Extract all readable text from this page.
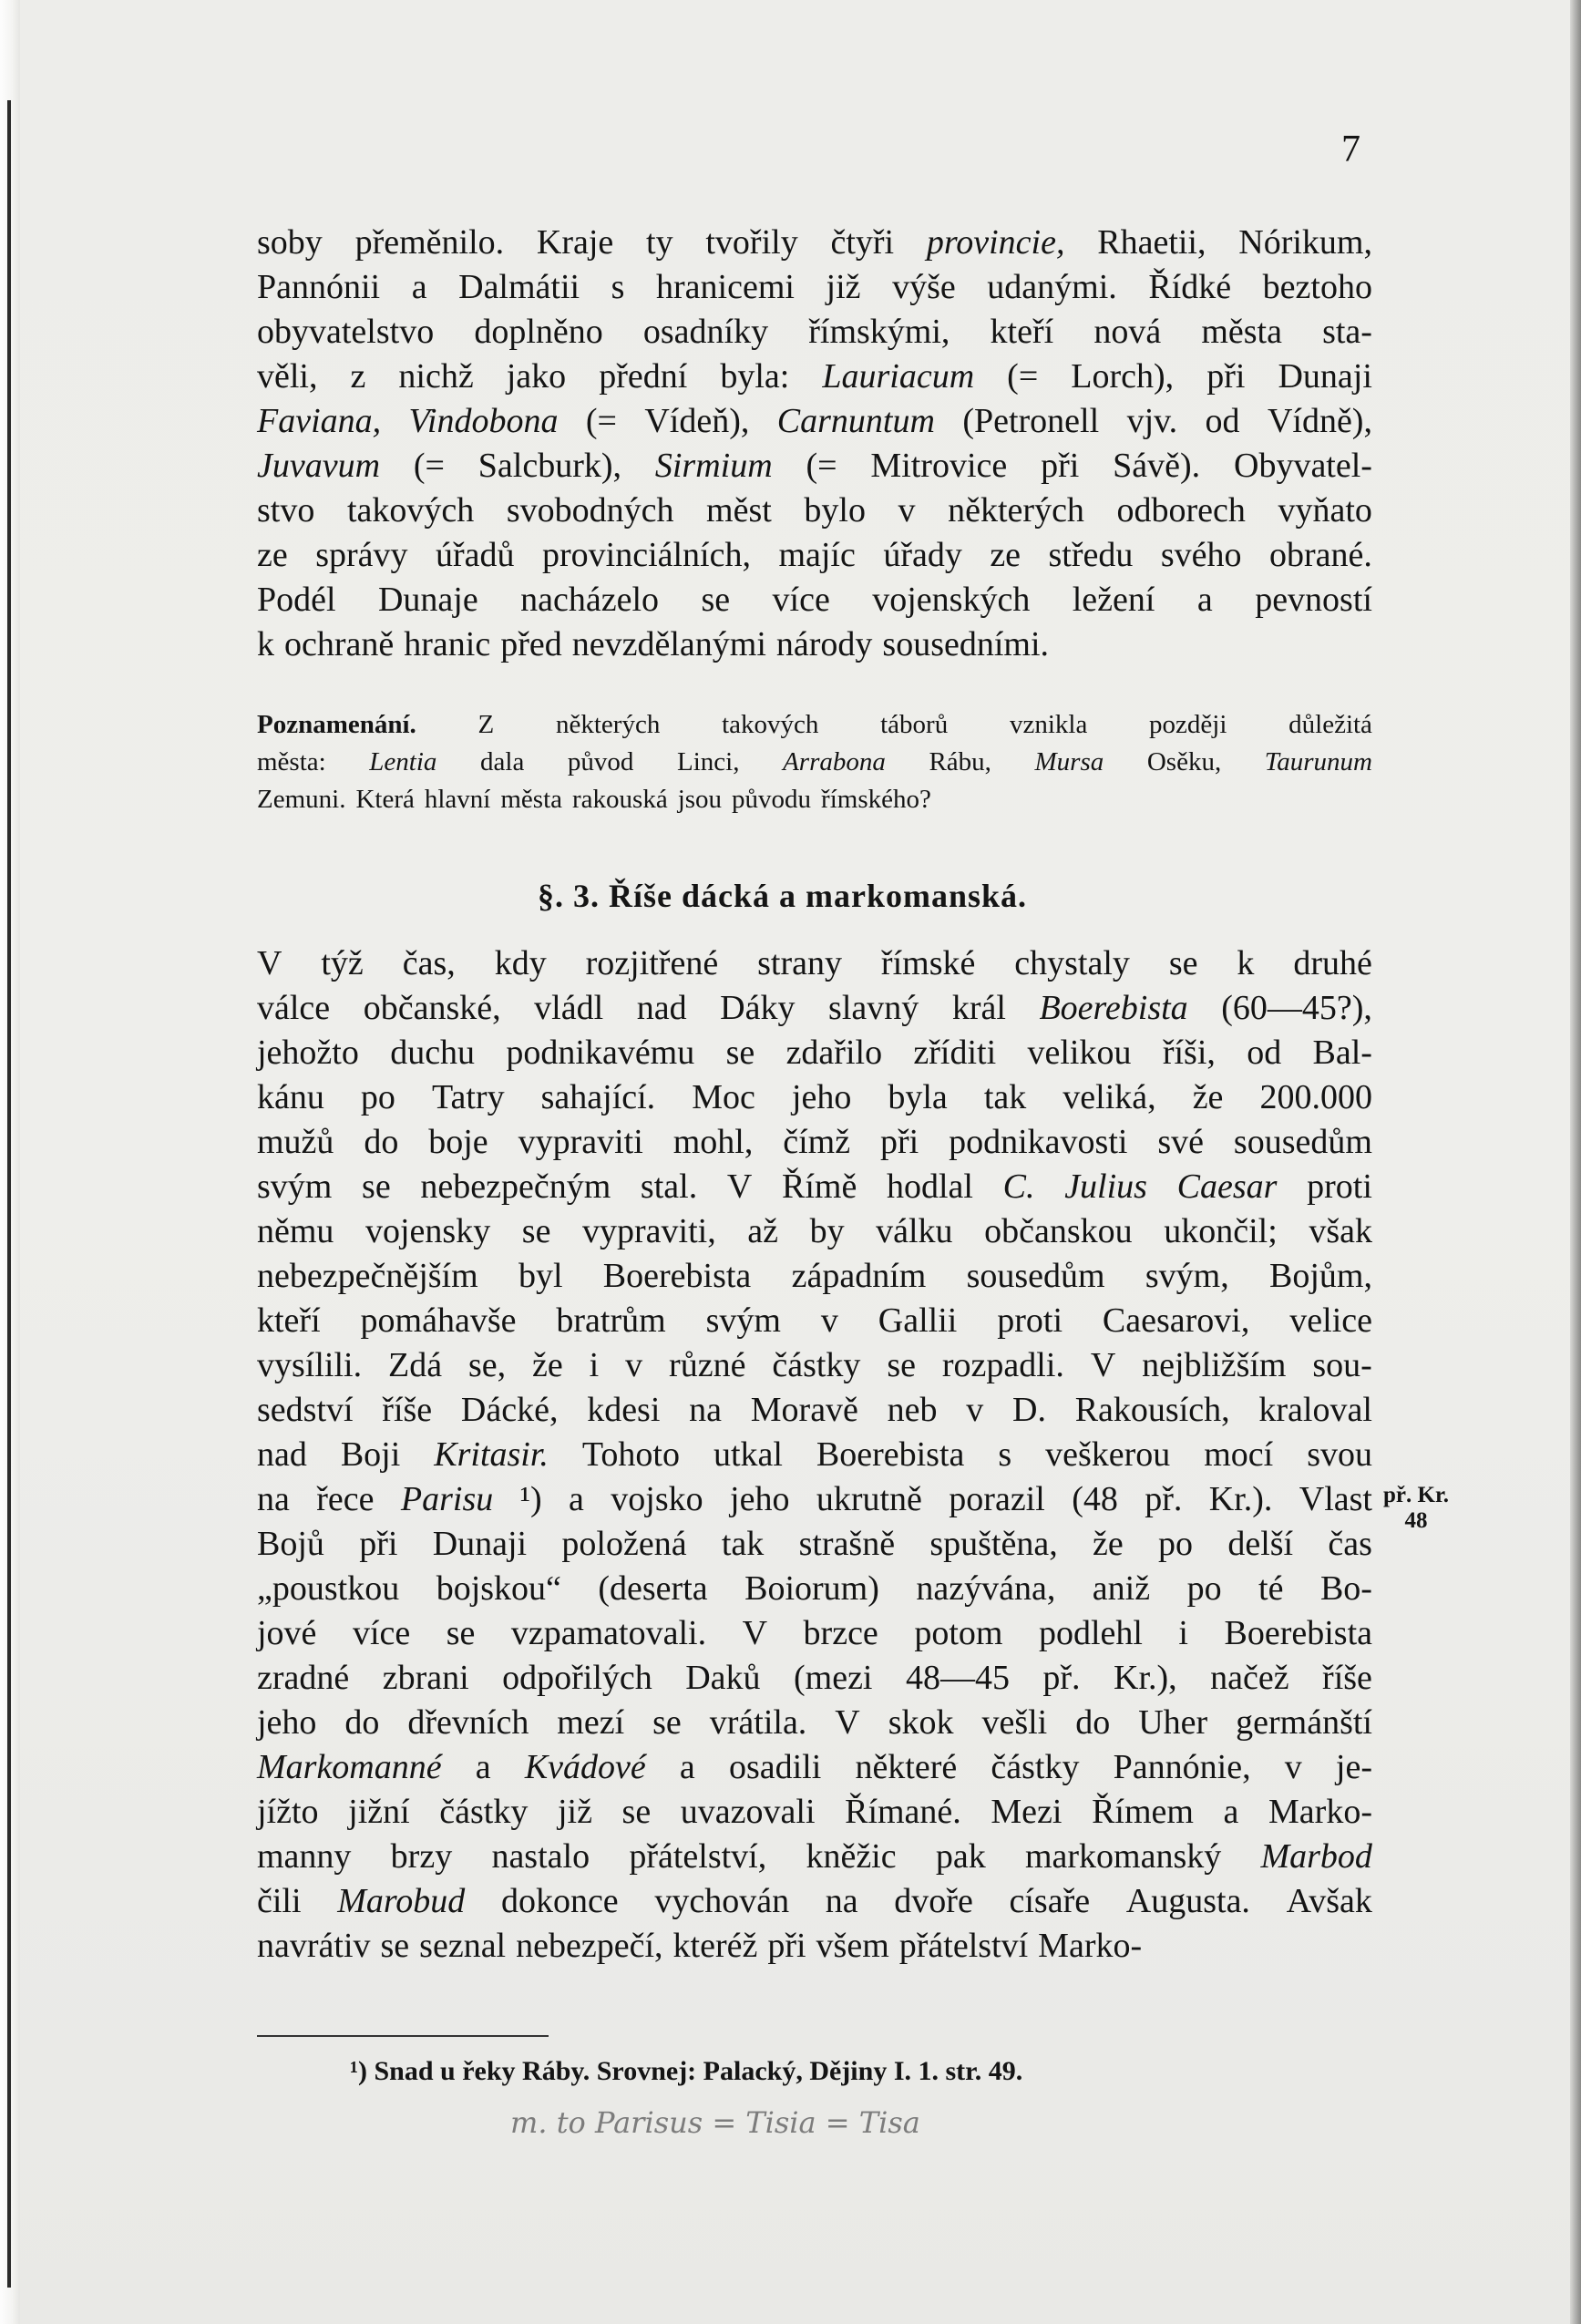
7
soby přeměnilo. Kraje ty tvořily čtyři provincie, Rhaetii, Nórikum,
Pannónii a Dalmátii s hranicemi již výše udanými. Řídké beztoho
obyvatelstvo doplněno osadníky římskými, kteří nová města sta-
věli, z nichž jako přední byla: Lauriacum (= Lorch), při Dunaji
Faviana, Vindobona (= Vídeň), Carnuntum (Petronell vjv. od Vídně),
Juvavum (= Salcburk), Sirmium (= Mitrovice při Sávě). Obyvatel-
stvo takových svobodných měst bylo v některých odborech vyňato
ze správy úřadů provinciálních, majíc úřady ze středu svého obrané.
Podél Dunaje nacházelo se více vojenských ležení a pevností
k ochraně hranic před nevzdělanými národy sousedními.
Poznamenání. Z některých takových táborů vznikla později důležitá
města: Lentia dala původ Linci, Arrabona Rábu, Mursa Osěku, Taurunum
Zemuni. Která hlavní města rakouská jsou původu římského?
§. 3. Říše dácká a markomanská.
V týž čas, kdy rozjitřené strany římské chystaly se k druhé
válce občanské, vládl nad Dáky slavný král Boerebista (60—45?),
jehožto duchu podnikavému se zdařilo zříditi velikou říši, od Bal-
kánu po Tatry sahající. Moc jeho byla tak veliká, že 200.000
mužů do boje vypraviti mohl, čímž při podnikavosti své sousedům
svým se nebezpečným stal. V Římě hodlal C. Julius Caesar proti
němu vojensky se vypraviti, až by válku občanskou ukončil; však
nebezpečnějším byl Boerebista západním sousedům svým, Bojům,
kteří pomáhavše bratrům svým v Gallii proti Caesarovi, velice
vysílili. Zdá se, že i v různé částky se rozpadli. V nejbližším sou-
sedství říše Dácké, kdesi na Moravě neb v D. Rakousích, kraloval
nad Boji Kritasir. Tohoto utkal Boerebista s veškerou mocí svou
na řece Parisu ¹) a vojsko jeho ukrutně porazil (48 př. Kr.). Vlast
Bojů při Dunaji položená tak strašně spuštěna, že po delší čas
„poustkou bojskou“ (deserta Boiorum) nazývána, aniž po té Bo-
jové více se vzpamatovali. V brzce potom podlehl i Boerebista
zradné zbrani odpořilých Daků (mezi 48—45 př. Kr.), načež říše
jeho do dřevních mezí se vrátila. V skok vešli do Uher germánští
Markomanné a Kvádové a osadili některé částky Pannónie, v je-
jížto jižní částky již se uvazovali Římané. Mezi Římem a Marko-
manny brzy nastalo přátelství, kněžic pak markomanský Marbod
čili Marobud dokonce vychován na dvoře císaře Augusta. Avšak
navrátiv se seznal nebezpečí, kteréž při všem přátelství Marko-
př. Kr.
48
¹) Snad u řeky Ráby. Srovnej: Palacký, Dějiny I. 1. str. 49.
m. to Parisus = Tisia = Tisa
